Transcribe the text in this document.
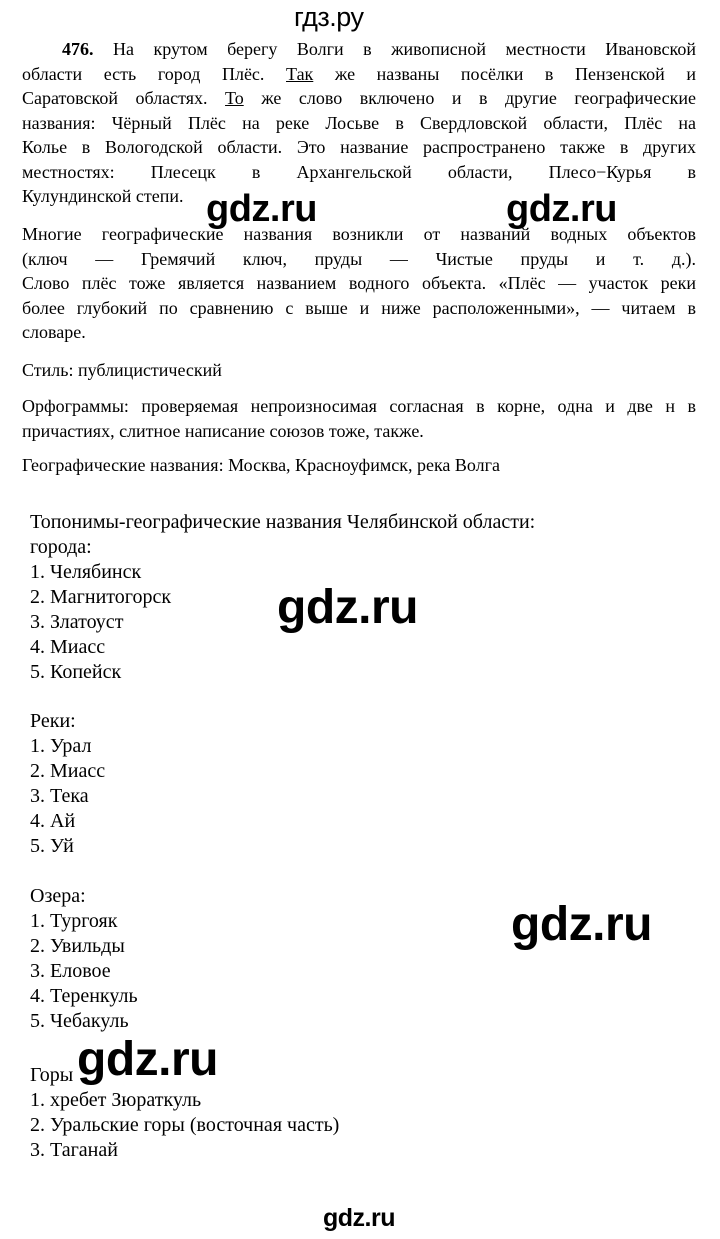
гдз.ру
gdz.ru	gdz.ru
gdz.ru
gdz.ru
gdz.ru
gdz.ru
476. На крутом берегу Волги в живописной местности Ивановской
области есть город Плёс. Так же названы посёлки в Пензенской и
Саратовской областях. То же слово включено и в другие географические
названия: Чёрный Плёс на реке Лосьве в Свердловской области, Плёс на
Колье в Вологодской области. Это название распространено также в других
местностях: Плесецк в Архангельской области, Плесо−Курья в
Кулундинской степи.
Многие географические названия возникли от названий водных объектов
(ключ — Гремячий ключ, пруды — Чистые пруды и т. д.).
Слово плёс тоже является названием водного объекта. «Плёс — участок реки
более глубокий по сравнению с выше и ниже расположенными», — читаем в
словаре.
Стиль: публицистический
Орфограммы: проверяемая непроизносимая согласная в корне, одна и две н в
причастиях, слитное написание союзов тоже, также.
Географические названия: Москва, Красноуфимск, река Волга
Топонимы-географические названия Челябинской области:
города:
1. Челябинск
2. Магнитогорск
3. Златоуст
4. Миасс
5. Копейск
Реки:
1. Урал
2. Миасс
3. Тека
4. Ай
5. Уй
Озера:
1. Тургояк
2. Увильды
3. Еловое
4. Теренкуль
5. Чебакуль
Горы
1. хребет Зюраткуль
2. Уральские горы (восточная часть)
3. Таганай
